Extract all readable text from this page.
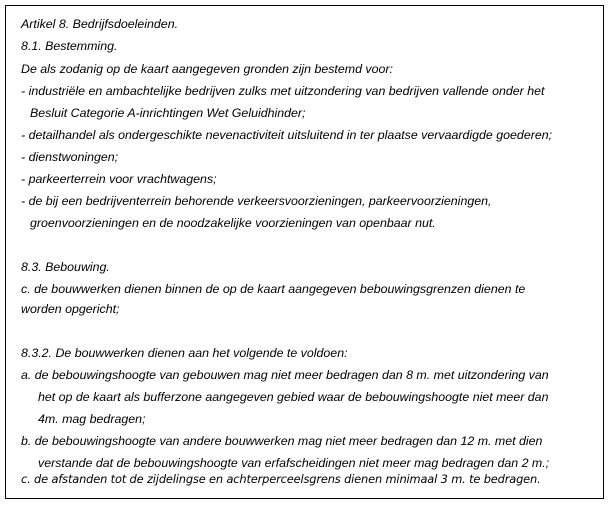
Artikel 8. Bedrijfsdoeleinden.
8.1. Bestemming.
De als zodanig op de kaart aangegeven gronden zijn bestemd voor:
- industriële en ambachtelijke bedrijven zulks met uitzondering van bedrijven vallende onder het
Besluit Categorie A-inrichtingen Wet Geluidhinder;
- detailhandel als ondergeschikte nevenactiviteit uitsluitend in ter plaatse vervaardigde goederen;
- dienstwoningen;
- parkeerterrein voor vrachtwagens;
- de bij een bedrijventerrein behorende verkeersvoorzieningen, parkeervoorzieningen,
groenvoorzieningen en de noodzakelijke voorzieningen van openbaar nut.
8.3. Bebouwing.
c. de bouwwerken dienen binnen de op de kaart aangegeven bebouwingsgrenzen dienen te
worden opgericht;
8.3.2. De bouwwerken dienen aan het volgende te voldoen:
a. de bebouwingshoogte van gebouwen mag niet meer bedragen dan 8 m. met uitzondering van
het op de kaart als bufferzone aangegeven gebied waar de bebouwingshoogte niet meer dan
4m. mag bedragen;
b. de bebouwingshoogte van andere bouwwerken mag niet meer bedragen dan 12 m. met dien
verstande dat de bebouwingshoogte van erfafscheidingen niet meer mag bedragen dan 2 m.;
c. de afstanden tot de zijdelingse en achterperceelsgrens dienen minimaal 3 m. te bedragen.
